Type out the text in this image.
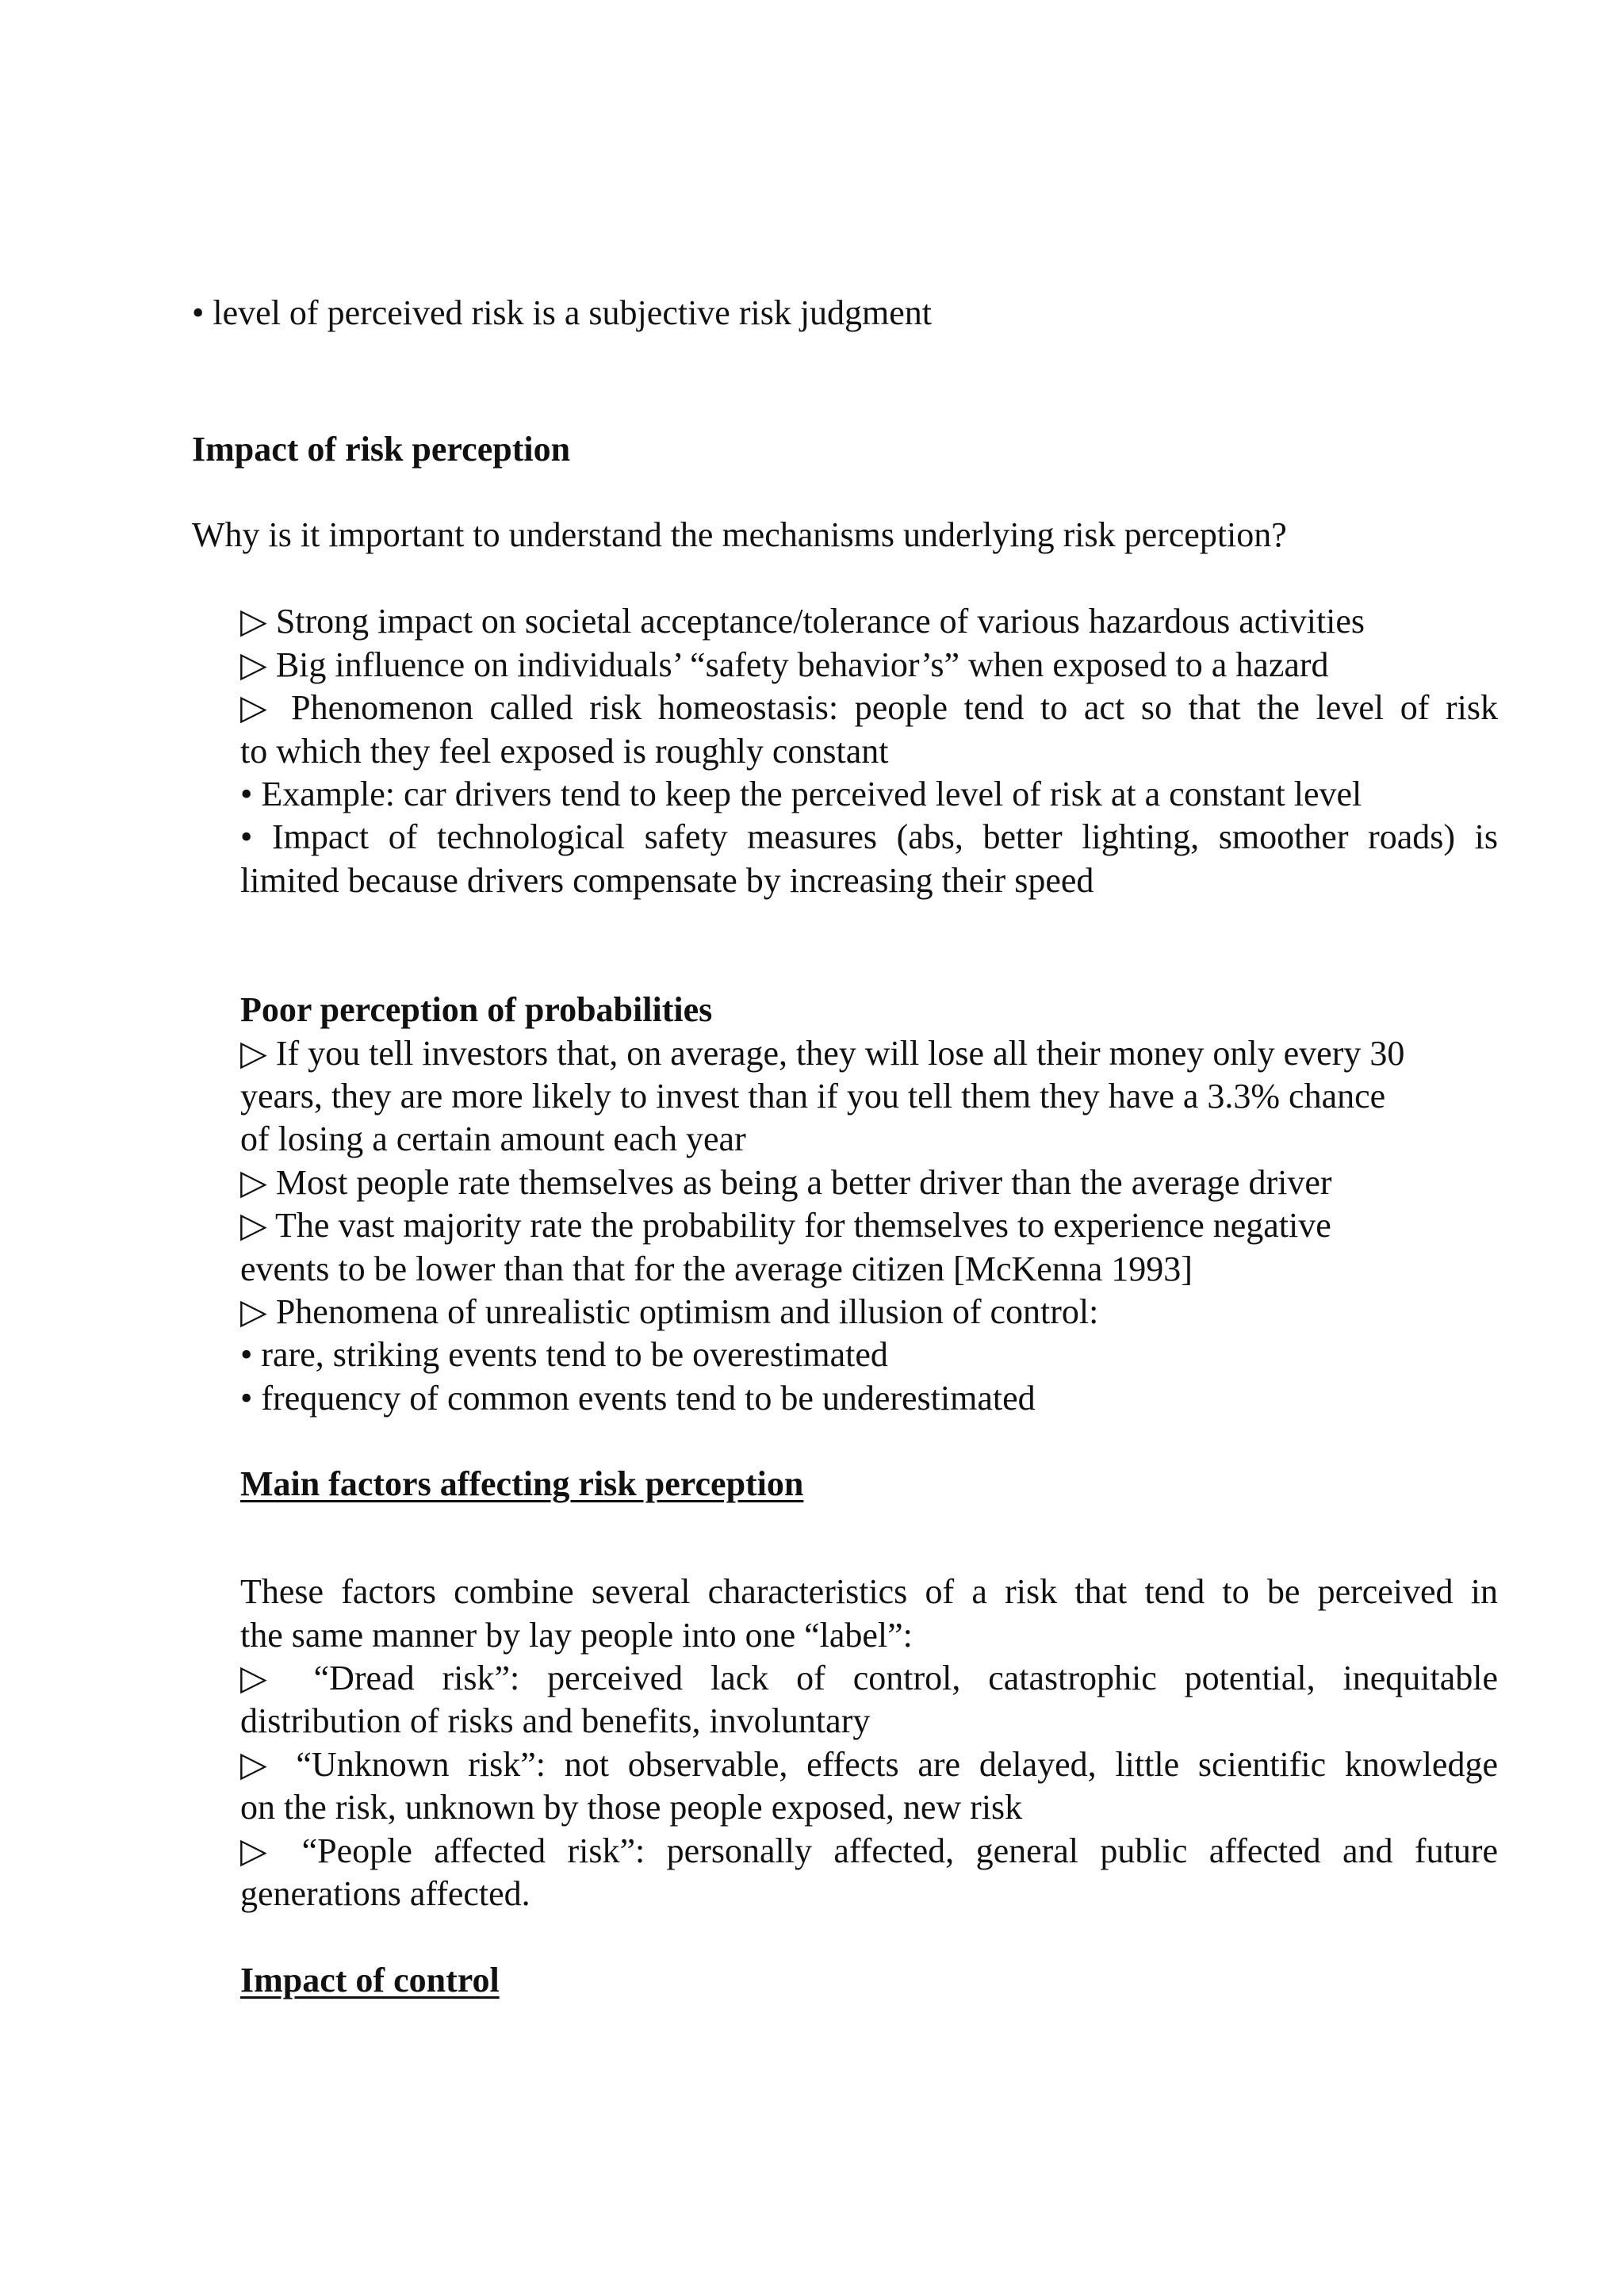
• level of perceived risk is a subjective risk judgment
Impact of risk perception
Why is it important to understand the mechanisms underlying risk perception?
▷ Strong impact on societal acceptance/tolerance of various hazardous activities
▷ Big influence on individuals’ “safety behavior’s” when exposed to a hazard
▷ Phenomenon called risk homeostasis: people tend to act so that the level of risk
to which they feel exposed is roughly constant
• Example: car drivers tend to keep the perceived level of risk at a constant level
• Impact of technological safety measures (abs, better lighting, smoother roads) is
limited because drivers compensate by increasing their speed
Poor perception of probabilities
▷ If you tell investors that, on average, they will lose all their money only every 30
years, they are more likely to invest than if you tell them they have a 3.3% chance
of losing a certain amount each year
▷ Most people rate themselves as being a better driver than the average driver
▷ The vast majority rate the probability for themselves to experience negative
events to be lower than that for the average citizen [McKenna 1993]
▷ Phenomena of unrealistic optimism and illusion of control:
• rare, striking events tend to be overestimated
• frequency of common events tend to be underestimated
Main factors affecting risk perception
These factors combine several characteristics of a risk that tend to be perceived in
the same manner by lay people into one “label”:
▷ “Dread risk”: perceived lack of control, catastrophic potential, inequitable
distribution of risks and benefits, involuntary
▷ “Unknown risk”: not observable, effects are delayed, little scientific knowledge
on the risk, unknown by those people exposed, new risk
▷ “People affected risk”: personally affected, general public affected and future
generations affected.
Impact of control
